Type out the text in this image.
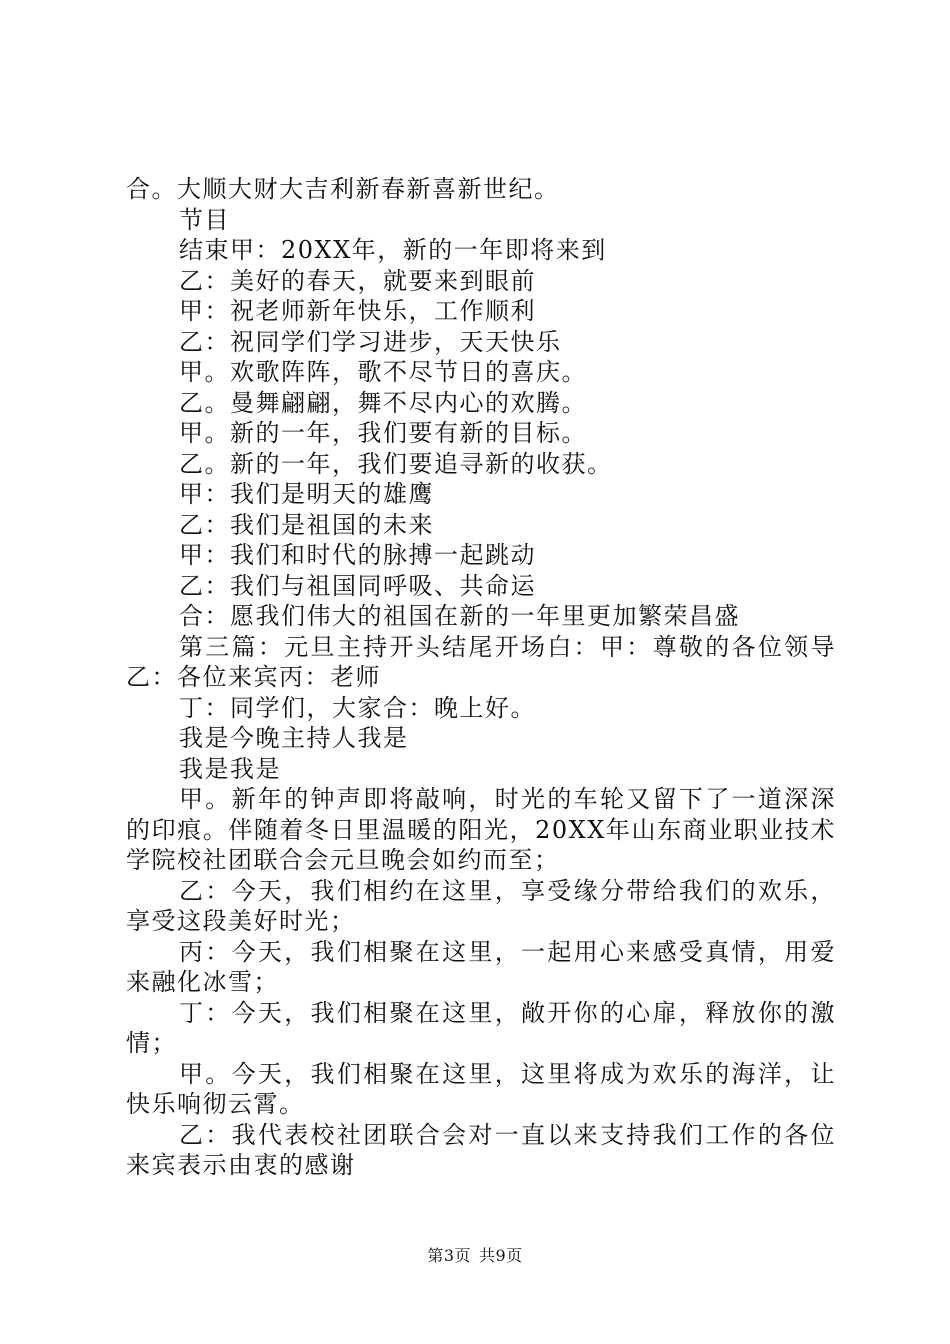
合。大顺大财大吉利新春新喜新世纪。

节目

结束甲：20XX年，新的一年即将来到

乙：美好的春天，就要来到眼前

甲：祝老师新年快乐，工作顺利

乙：祝同学们学习进步，天天快乐

甲。欢歌阵阵，歌不尽节日的喜庆。

乙。曼舞翩翩，舞不尽内心的欢腾。

甲。新的一年，我们要有新的目标。

乙。新的一年，我们要追寻新的收获。

甲：我们是明天的雄鹰

乙：我们是祖国的未来

甲：我们和时代的脉搏一起跳动

乙：我们与祖国同呼吸、共命运

合：愿我们伟大的祖国在新的一年里更加繁荣昌盛

第三篇：元旦主持开头结尾开场白：甲：尊敬的各位领导乙：各位来宾丙：老师

丁：同学们，大家合：晚上好。

我是今晚主持人我是

我是我是

甲。新年的钟声即将敲响，时光的车轮又留下了一道深深的印痕。伴随着冬日里温暖的阳光，20XX年山东商业职业技术学院校社团联合会元旦晚会如约而至；

乙：今天，我们相约在这里，享受缘分带给我们的欢乐，享受这段美好时光；

丙：今天，我们相聚在这里，一起用心来感受真情，用爱来融化冰雪；

丁：今天，我们相聚在这里，敞开你的心扉，释放你的激情；

甲。今天，我们相聚在这里，这里将成为欢乐的海洋，让快乐响彻云霄。

乙：我代表校社团联合会对一直以来支持我们工作的各位来宾表示由衷的感谢

第3页 共9页
